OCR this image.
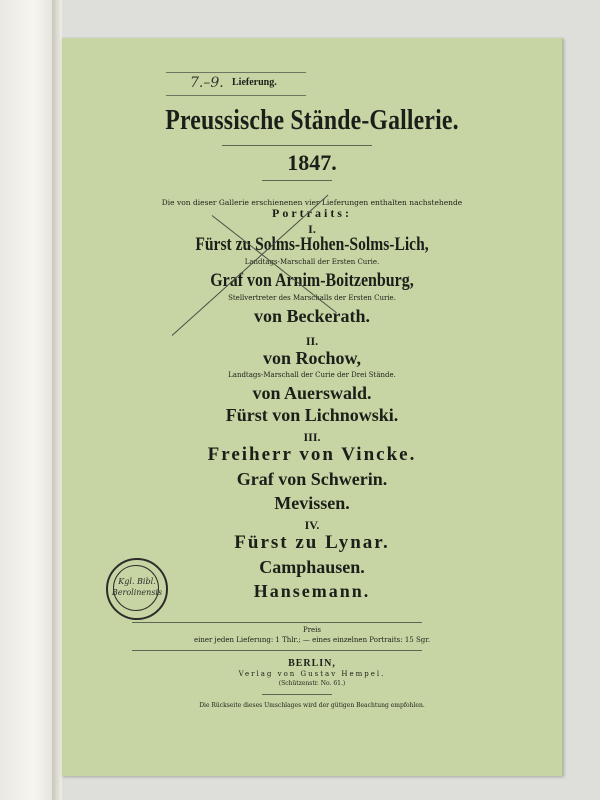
7.–9. Lieferung.
Preussische Stände-Gallerie.
1847.
Die von dieser Gallerie erschienenen vier Lieferungen enthalten nachstehende
Portraits:
I.
Fürst zu Solms-Hohen-Solms-Lich,
Landtags-Marschall der Ersten Curie.
Graf von Arnim-Boitzenburg,
Stellvertreter des Marschalls der Ersten Curie.
von Beckerath.
II.
von Rochow,
Landtags-Marschall der Curie der Drei Stände.
von Auerswald.
Fürst von Lichnowski.
III.
Freiherr von Vincke.
Graf von Schwerin.
Mevissen.
IV.
Fürst zu Lynar.
Camphausen.
Hansemann.
Kgl. Bibl.
Berolinensis
Preis
einer jeden Lieferung: 1 Thlr.; — eines einzelnen Portraits: 15 Sgr.
BERLIN,
Verlag von Gustav Hempel.
(Schützenstr. No. 61.)
Die Rückseite dieses Umschlages wird der gütigen Beachtung empfohlen.
